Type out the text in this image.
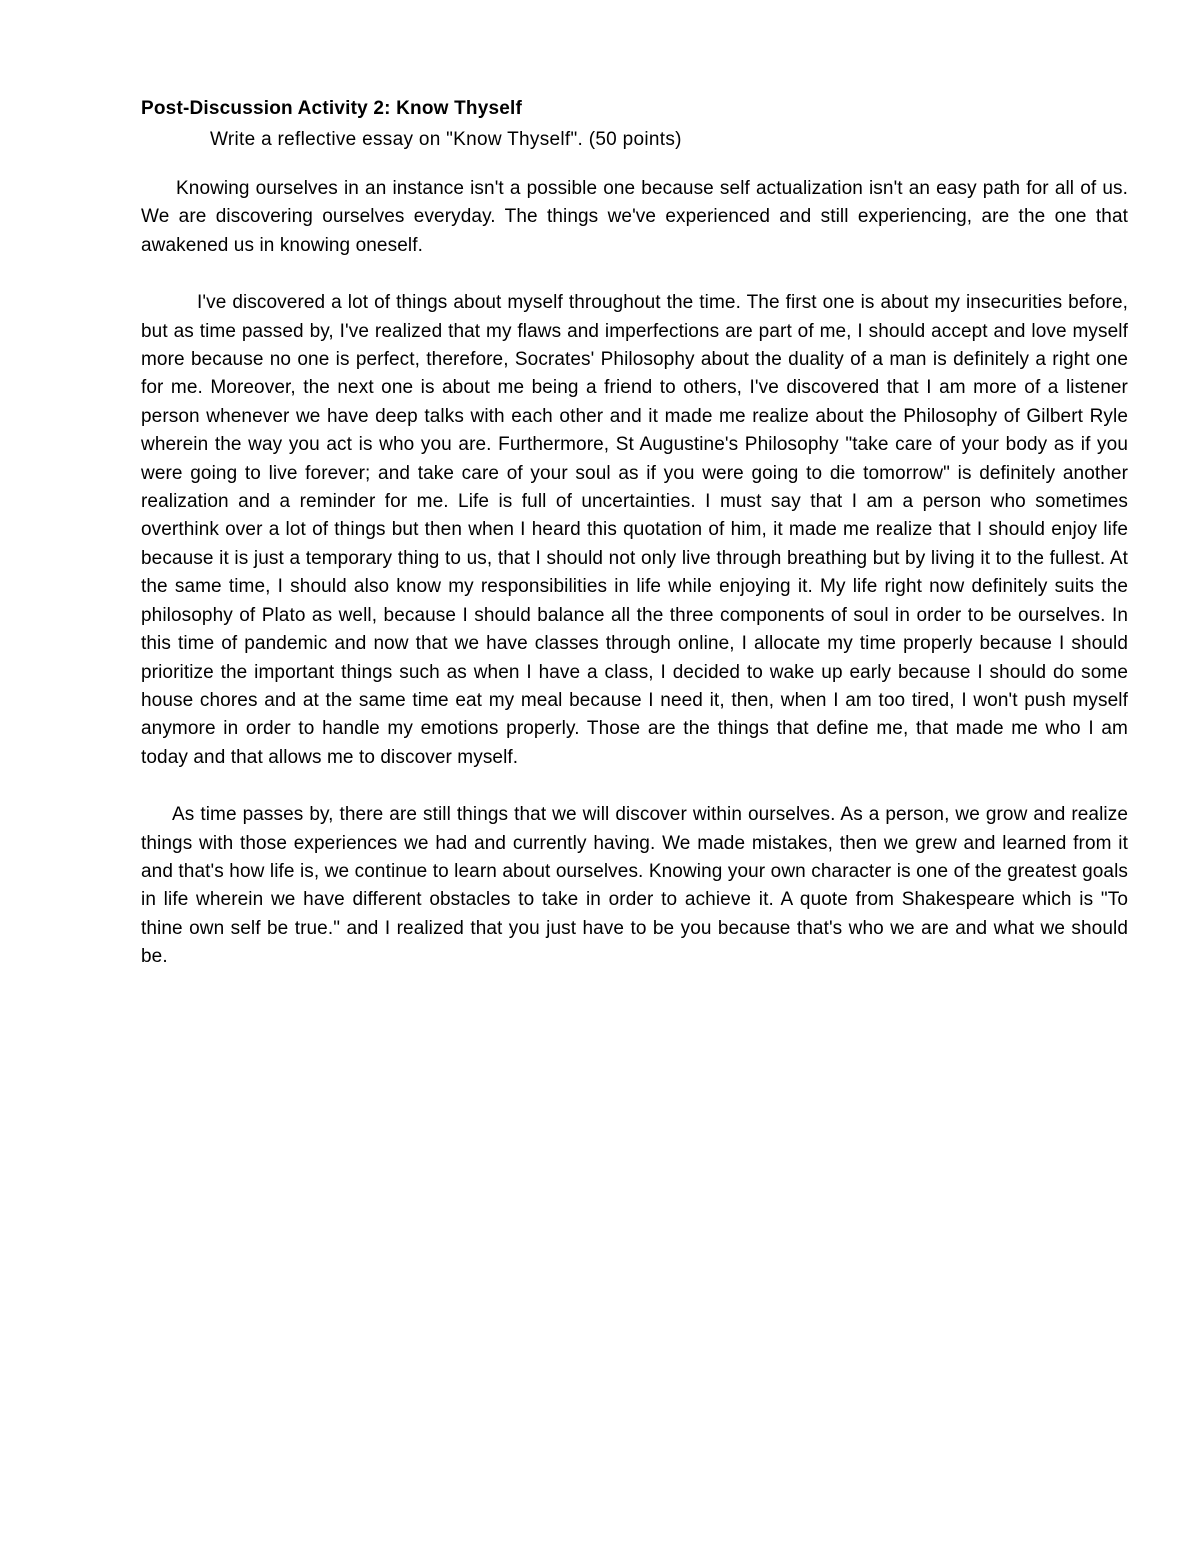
Post-Discussion Activity 2: Know Thyself

Write a reflective essay on "Know Thyself". (50 points)

Knowing ourselves in an instance isn't a possible one because self actualization isn't an easy path for all of us. We are discovering ourselves everyday. The things we've experienced and still experiencing, are the one that awakened us in knowing oneself.

I've discovered a lot of things about myself throughout the time. The first one is about my insecurities before, but as time passed by, I've realized that my flaws and imperfections are part of me, I should accept and love myself more because no one is perfect, therefore, Socrates' Philosophy about the duality of a man is definitely a right one for me. Moreover, the next one is about me being a friend to others, I've discovered that I am more of a listener person whenever we have deep talks with each other and it made me realize about the Philosophy of Gilbert Ryle wherein the way you act is who you are. Furthermore, St Augustine's Philosophy "take care of your body as if you were going to live forever; and take care of your soul as if you were going to die tomorrow" is definitely another realization and a reminder for me. Life is full of uncertainties. I must say that I am a person who sometimes overthink over a lot of things but then when I heard this quotation of him, it made me realize that I should enjoy life because it is just a temporary thing to us, that I should not only live through breathing but by living it to the fullest. At the same time, I should also know my responsibilities in life while enjoying it. My life right now definitely suits the philosophy of Plato as well, because I should balance all the three components of soul in order to be ourselves. In this time of pandemic and now that we have classes through online, I allocate my time properly because I should prioritize the important things such as when I have a class, I decided to wake up early because I should do some house chores and at the same time eat my meal because I need it, then, when I am too tired, I won't push myself anymore in order to handle my emotions properly. Those are the things that define me, that made me who I am today and that allows me to discover myself.

As time passes by, there are still things that we will discover within ourselves. As a person, we grow and realize things with those experiences we had and currently having. We made mistakes, then we grew and learned from it and that's how life is, we continue to learn about ourselves. Knowing your own character is one of the greatest goals in life wherein we have different obstacles to take in order to achieve it. A quote from Shakespeare which is "To thine own self be true." and I realized that you just have to be you because that's who we are and what we should be.
